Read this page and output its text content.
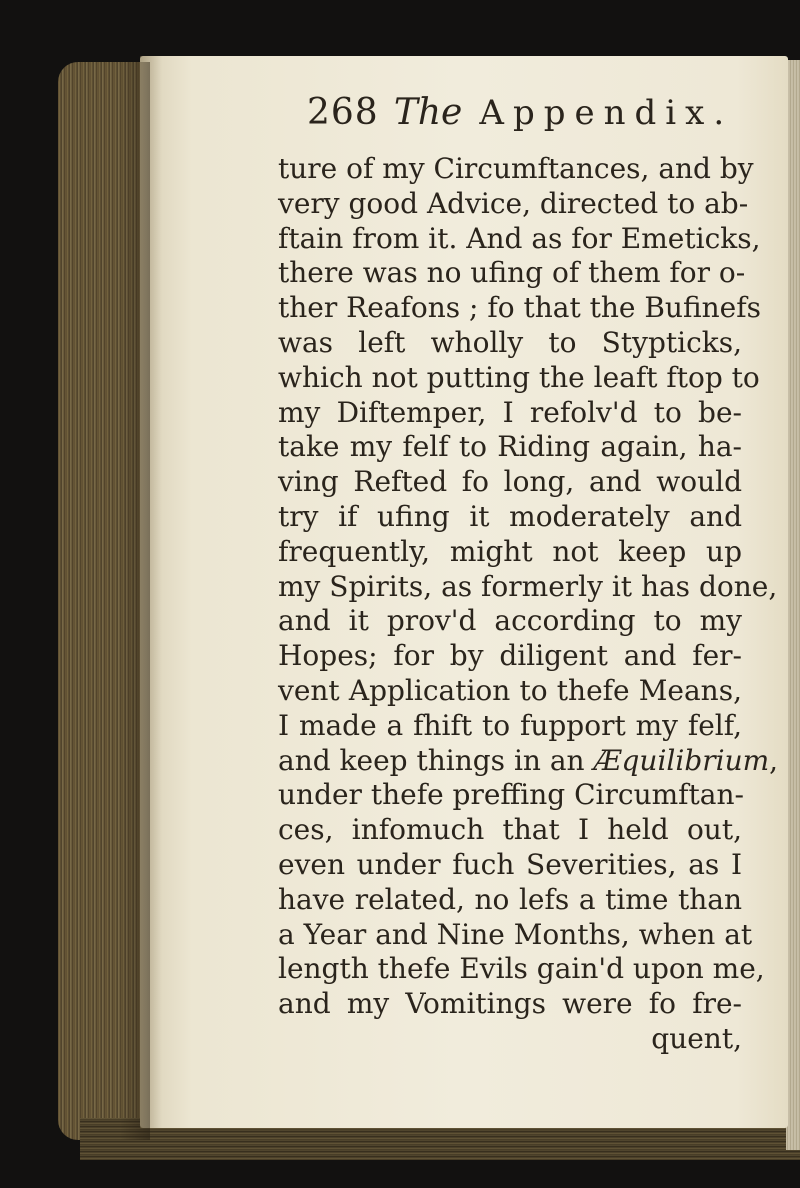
268 The Appendix.
ture of my Circumftances, and by
very good Advice, directed to ab-
ftain from it. And as for Emeticks,
there was no ufing of them for o-
ther Reafons ; fo that the Bufinefs
was left wholly to Stypticks,
which not putting the leaft ftop to
my Diftemper, I refolv'd to be-
take my felf to Riding again, ha-
ving Refted fo long, and would
try if ufing it moderately and
frequently, might not keep up
my Spirits, as formerly it has done,
and it prov'd according to my
Hopes; for by diligent and fer-
vent Application to thefe Means,
I made a fhift to fupport my felf,
and keep things in an Æquilibrium,
under thefe preffing Circumftan-
ces, infomuch that I held out,
even under fuch Severities, as I
have related, no lefs a time than
a Year and Nine Months, when at
length thefe Evils gain'd upon me,
and my Vomitings were fo fre-
quent,
